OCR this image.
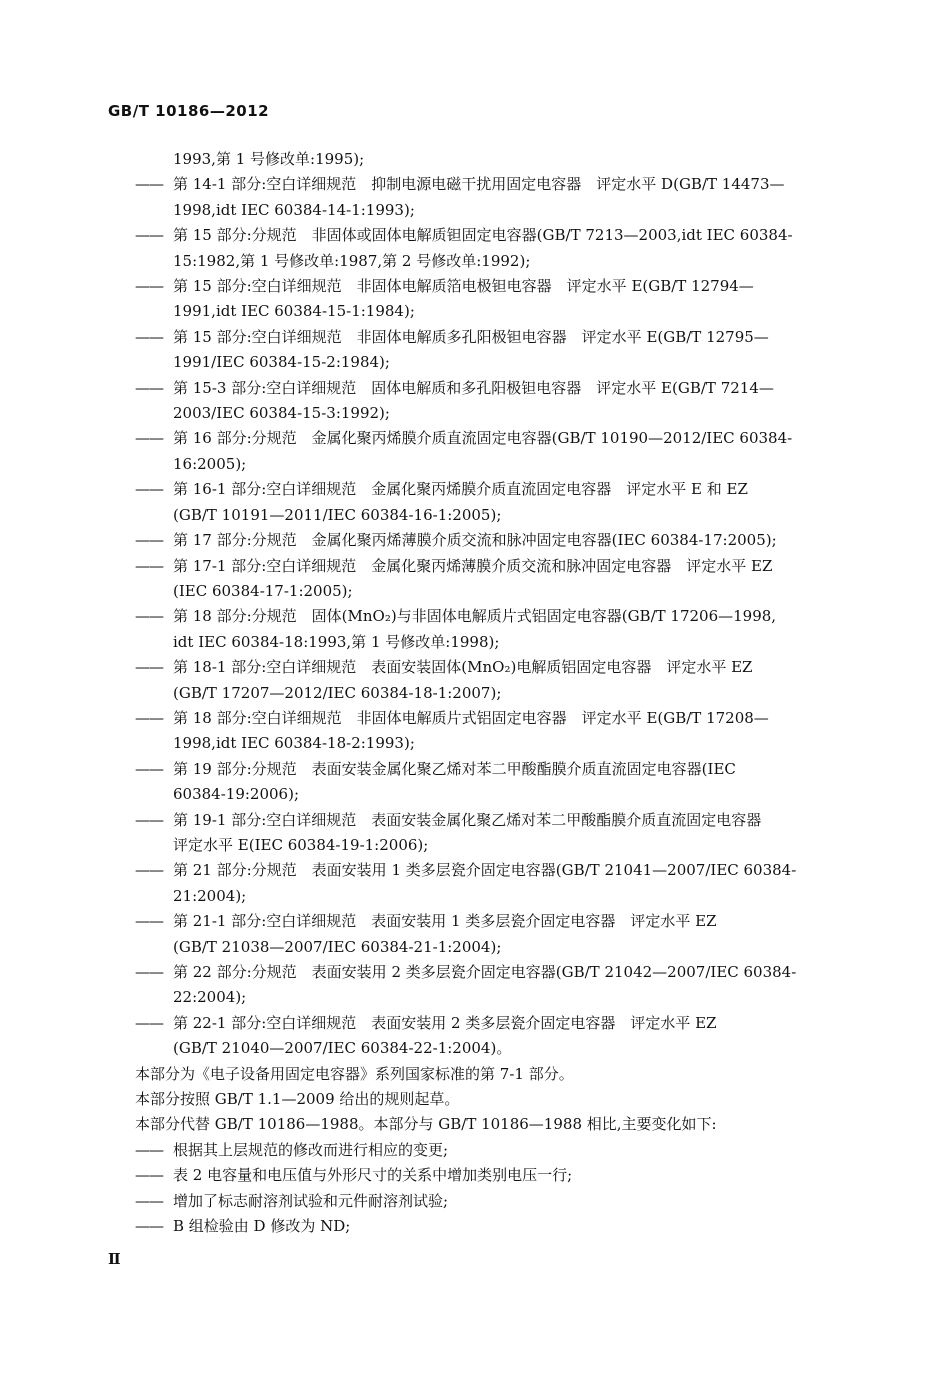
GB/T 10186—2012
1993,第 1 号修改单:1995);
—— 第 14-1 部分:空白详细规范　抑制电源电磁干扰用固定电容器　评定水平 D(GB/T 14473—
1998,idt IEC 60384-14-1:1993);
—— 第 15 部分:分规范　非固体或固体电解质钽固定电容器(GB/T 7213—2003,idt IEC 60384-
15:1982,第 1 号修改单:1987,第 2 号修改单:1992);
—— 第 15 部分:空白详细规范　非固体电解质箔电极钽电容器　评定水平 E(GB/T 12794—
1991,idt IEC 60384-15-1:1984);
—— 第 15 部分:空白详细规范　非固体电解质多孔阳极钽电容器　评定水平 E(GB/T 12795—
1991/IEC 60384-15-2:1984);
—— 第 15-3 部分:空白详细规范　固体电解质和多孔阳极钽电容器　评定水平 E(GB/T 7214—
2003/IEC 60384-15-3:1992);
—— 第 16 部分:分规范　金属化聚丙烯膜介质直流固定电容器(GB/T 10190—2012/IEC 60384-
16:2005);
—— 第 16-1 部分:空白详细规范　金属化聚丙烯膜介质直流固定电容器　评定水平 E 和 EZ
(GB/T 10191—2011/IEC 60384-16-1:2005);
—— 第 17 部分:分规范　金属化聚丙烯薄膜介质交流和脉冲固定电容器(IEC 60384-17:2005);
—— 第 17-1 部分:空白详细规范　金属化聚丙烯薄膜介质交流和脉冲固定电容器　评定水平 EZ
(IEC 60384-17-1:2005);
—— 第 18 部分:分规范　固体(MnO₂)与非固体电解质片式铝固定电容器(GB/T 17206—1998,
idt IEC 60384-18:1993,第 1 号修改单:1998);
—— 第 18-1 部分:空白详细规范　表面安装固体(MnO₂)电解质铝固定电容器　评定水平 EZ
(GB/T 17207—2012/IEC 60384-18-1:2007);
—— 第 18 部分:空白详细规范　非固体电解质片式铝固定电容器　评定水平 E(GB/T 17208—
1998,idt IEC 60384-18-2:1993);
—— 第 19 部分:分规范　表面安装金属化聚乙烯对苯二甲酸酯膜介质直流固定电容器(IEC
60384-19:2006);
—— 第 19-1 部分:空白详细规范　表面安装金属化聚乙烯对苯二甲酸酯膜介质直流固定电容器
评定水平 E(IEC 60384-19-1:2006);
—— 第 21 部分:分规范　表面安装用 1 类多层瓷介固定电容器(GB/T 21041—2007/IEC 60384-
21:2004);
—— 第 21-1 部分:空白详细规范　表面安装用 1 类多层瓷介固定电容器　评定水平 EZ
(GB/T 21038—2007/IEC 60384-21-1:2004);
—— 第 22 部分:分规范　表面安装用 2 类多层瓷介固定电容器(GB/T 21042—2007/IEC 60384-
22:2004);
—— 第 22-1 部分:空白详细规范　表面安装用 2 类多层瓷介固定电容器　评定水平 EZ
(GB/T 21040—2007/IEC 60384-22-1:2004)。
本部分为《电子设备用固定电容器》系列国家标准的第 7-1 部分。
本部分按照 GB/T 1.1—2009 给出的规则起草。
本部分代替 GB/T 10186—1988。本部分与 GB/T 10186—1988 相比,主要变化如下:
—— 根据其上层规范的修改而进行相应的变更;
—— 表 2 电容量和电压值与外形尺寸的关系中增加类别电压一行;
—— 增加了标志耐溶剂试验和元件耐溶剂试验;
—— B 组检验由 D 修改为 ND;
Ⅱ
